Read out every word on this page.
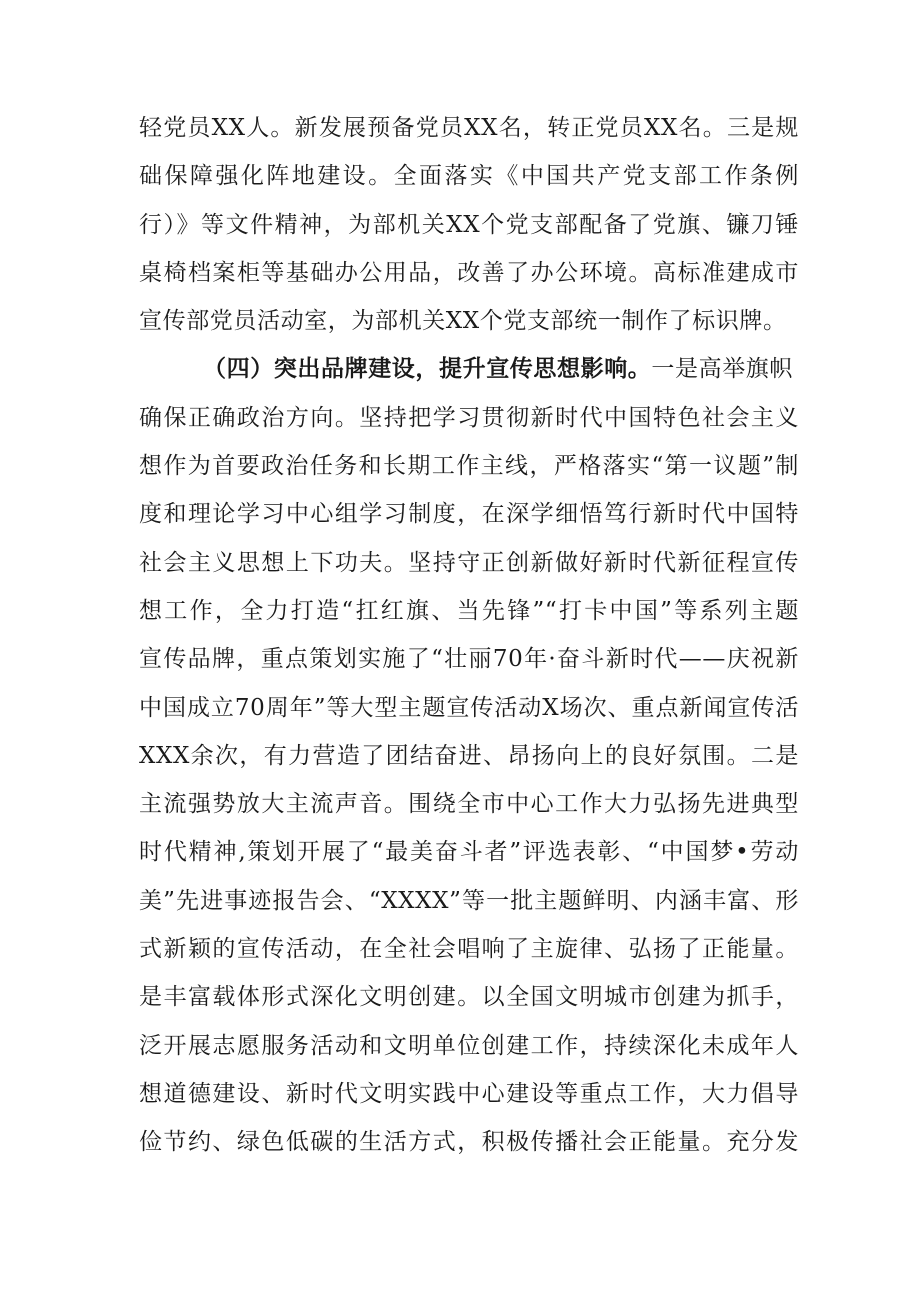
轻党员XX人。新发展预备党员XX名，转正党员XX名。三是规
础保障强化阵地建设。全面落实《中国共产党支部工作条例
行）》等文件精神，为部机关XX个党支部配备了党旗、镰刀锤
桌椅档案柜等基础办公用品，改善了办公环境。高标准建成市
宣传部党员活动室，为部机关XX个党支部统一制作了标识牌。
（四）突出品牌建设，提升宣传思想影响。一是高举旗帜
确保正确政治方向。坚持把学习贯彻新时代中国特色社会主义
想作为首要政治任务和长期工作主线，严格落实“第一议题”制
度和理论学习中心组学习制度，在深学细悟笃行新时代中国特
社会主义思想上下功夫。坚持守正创新做好新时代新征程宣传
想工作，全力打造“扛红旗、当先锋”“打卡中国”等系列主题
宣传品牌，重点策划实施了“壮丽70年·奋斗新时代——庆祝新
中国成立70周年”等大型主题宣传活动X场次、重点新闻宣传活
XXX余次，有力营造了团结奋进、昂扬向上的良好氛围。二是
主流强势放大主流声音。围绕全市中心工作大力弘扬先进典型
时代精神,策划开展了“最美奋斗者”评选表彰、“中国梦•劳动
美”先进事迹报告会、“XXXX”等一批主题鲜明、内涵丰富、形
式新颖的宣传活动，在全社会唱响了主旋律、弘扬了正能量。
是丰富载体形式深化文明创建。以全国文明城市创建为抓手，
泛开展志愿服务活动和文明单位创建工作，持续深化未成年人
想道德建设、新时代文明实践中心建设等重点工作，大力倡导
俭节约、绿色低碳的生活方式，积极传播社会正能量。充分发
